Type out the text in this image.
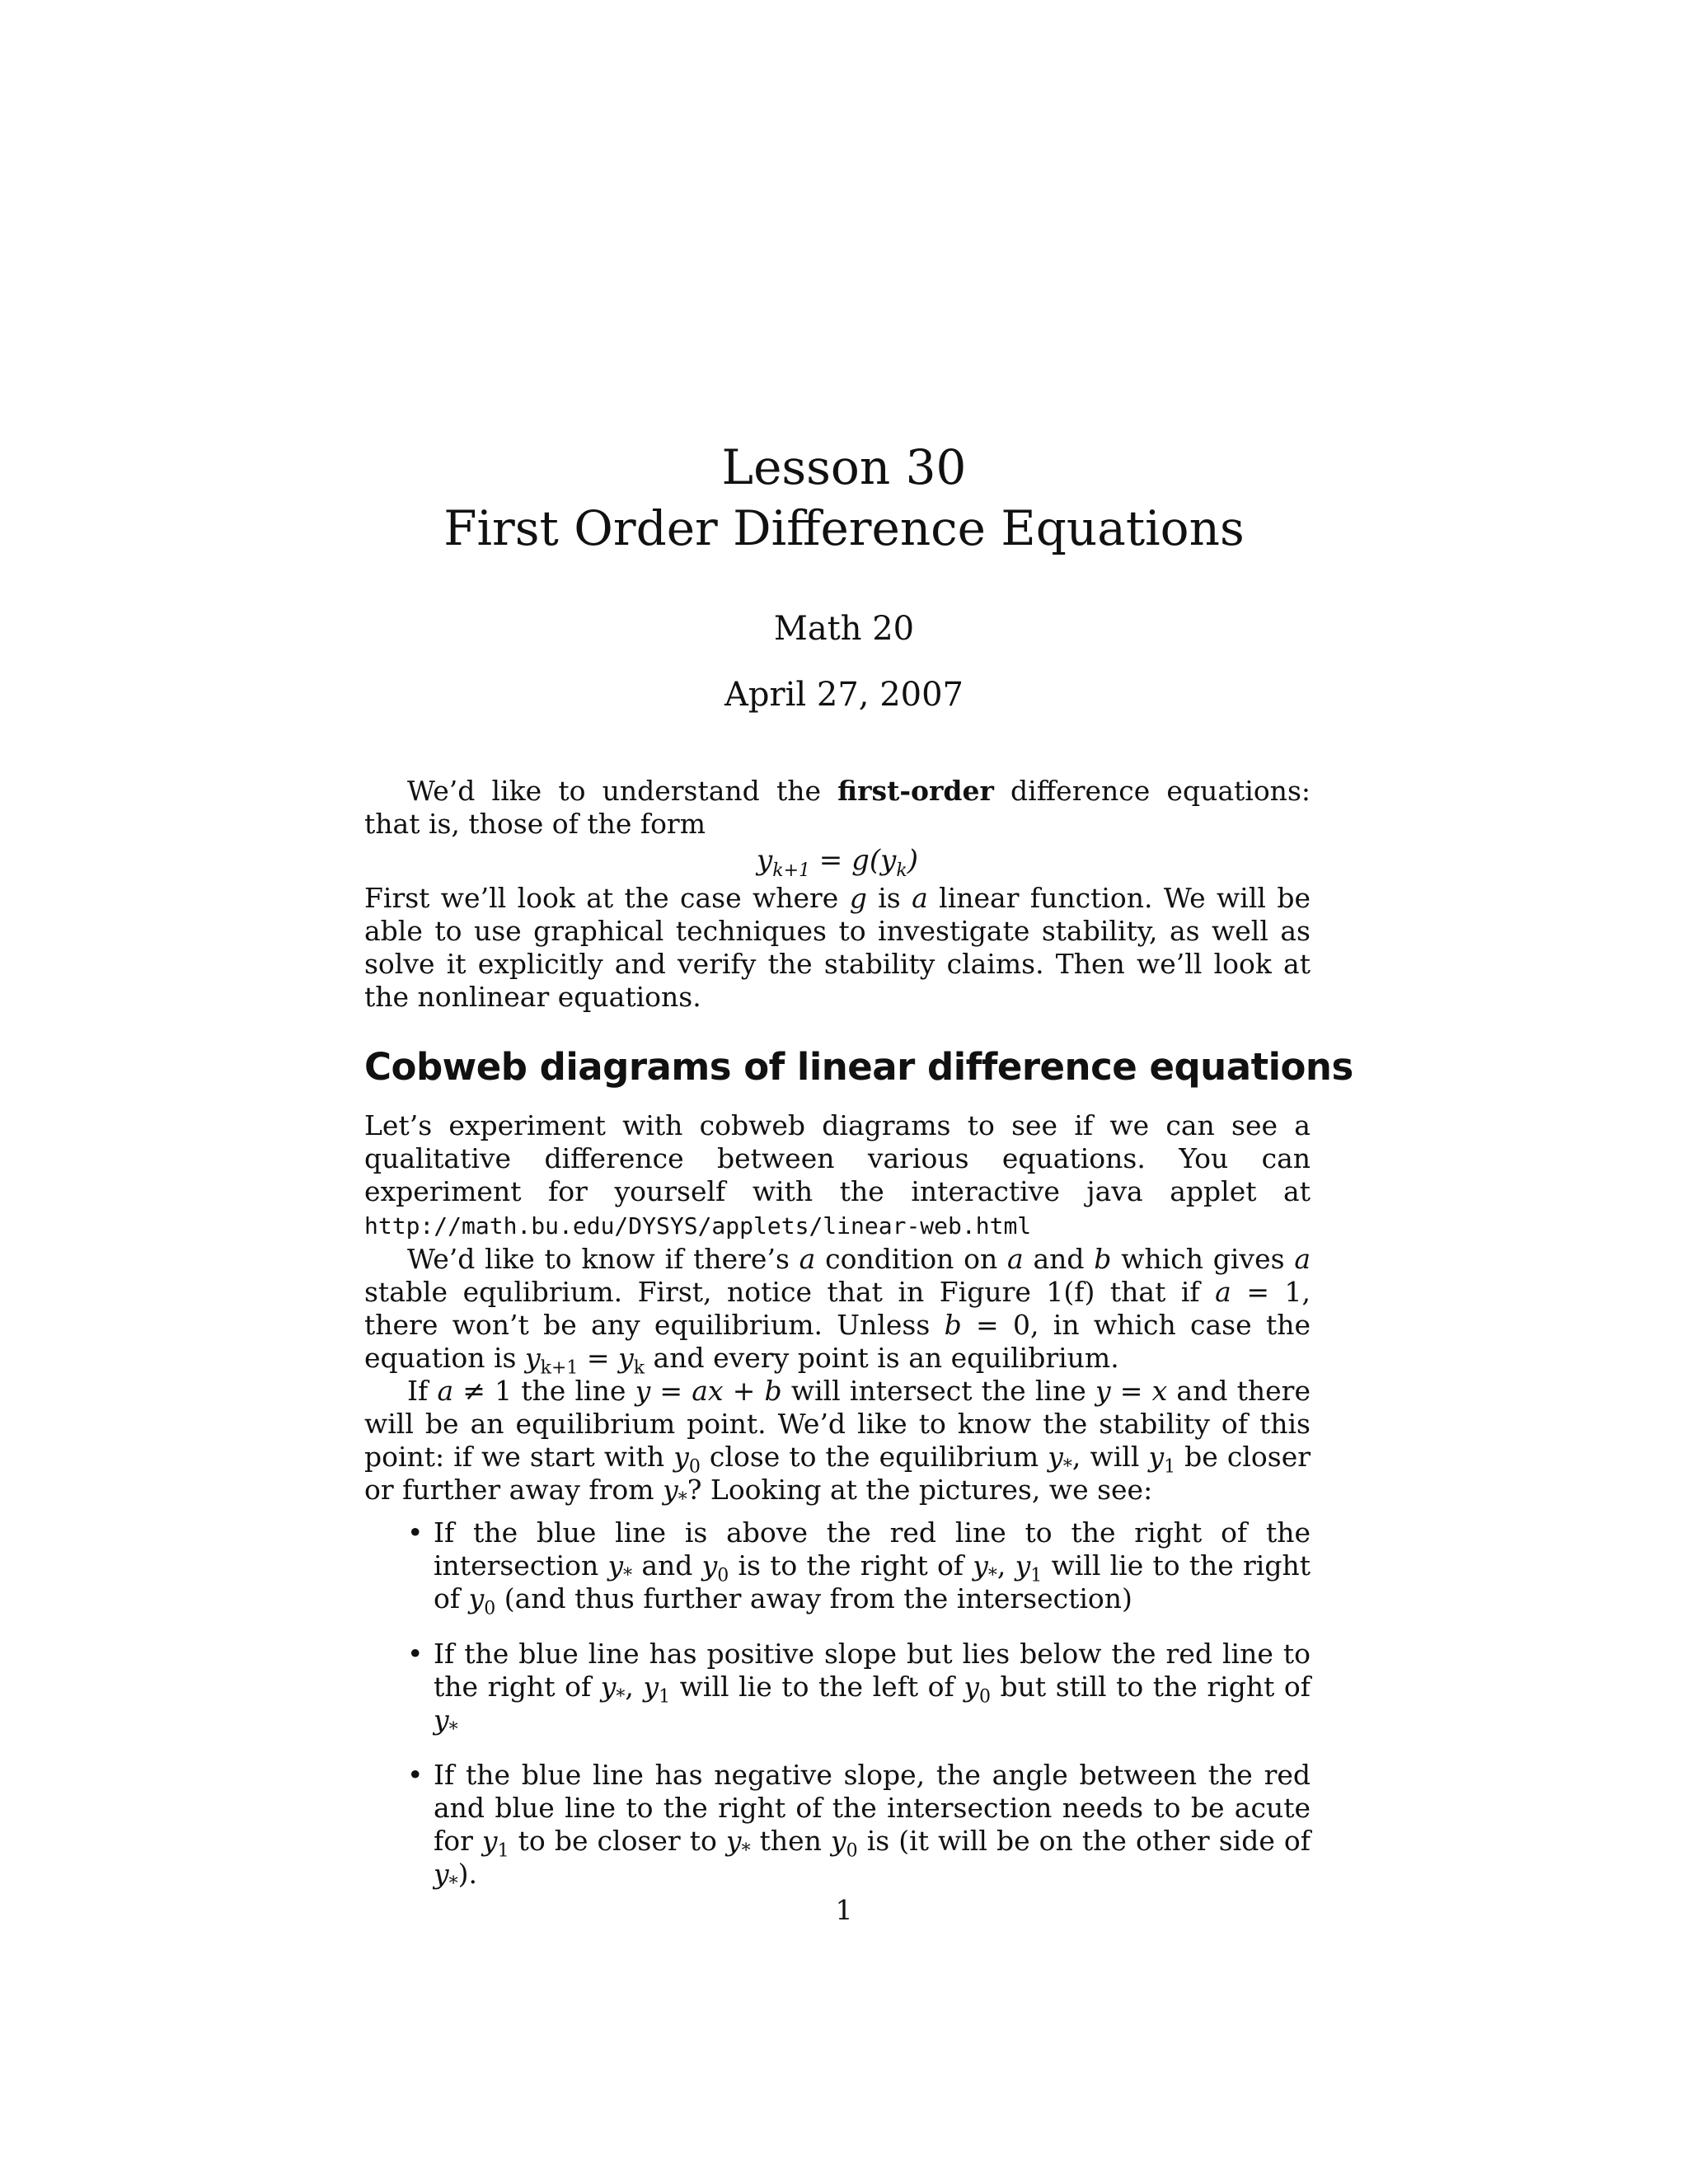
Lesson 30
First Order Difference Equations
Math 20
April 27, 2007

We’d like to understand the first-order difference equations: that is, those of the form

$y_{k+1} = g(y_k)$

First we’ll look at the case where g is a linear function. We will be able to use graphical techniques to investigate stability, as well as solve it explicitly and verify the stability claims. Then we’ll look at the nonlinear equations.

Cobweb diagrams of linear difference equations

Let’s experiment with cobweb diagrams to see if we can see a qualitative difference between various equations. You can experiment for yourself with the interactive java applet at http://math.bu.edu/DYSYS/applets/linear-web.html

We’d like to know if there’s a condition on a and b which gives a stable equlibrium. First, notice that in Figure 1(f) that if a = 1, there won’t be any equilibrium. Unless b = 0, in which case the equation is $y_{k+1} = y_k$ and every point is an equilibrium.

If a ≠ 1 the line y = ax + b will intersect the line y = x and there will be an equilibrium point. We’d like to know the stability of this point: if we start with $y_0$ close to the equilibrium $y_*$, will $y_1$ be closer or further away from $y_*$? Looking at the pictures, we see:

• If the blue line is above the red line to the right of the intersection $y_*$ and $y_0$ is to the right of $y_*$, $y_1$ will lie to the right of $y_0$ (and thus further away from the intersection)
• If the blue line has positive slope but lies below the red line to the right of $y_*$, $y_1$ will lie to the left of $y_0$ but still to the right of $y_*$
• If the blue line has negative slope, the angle between the red and blue line to the right of the intersection needs to be acute for $y_1$ to be closer to $y_*$ then $y_0$ is (it will be on the other side of $y_*$).
1
